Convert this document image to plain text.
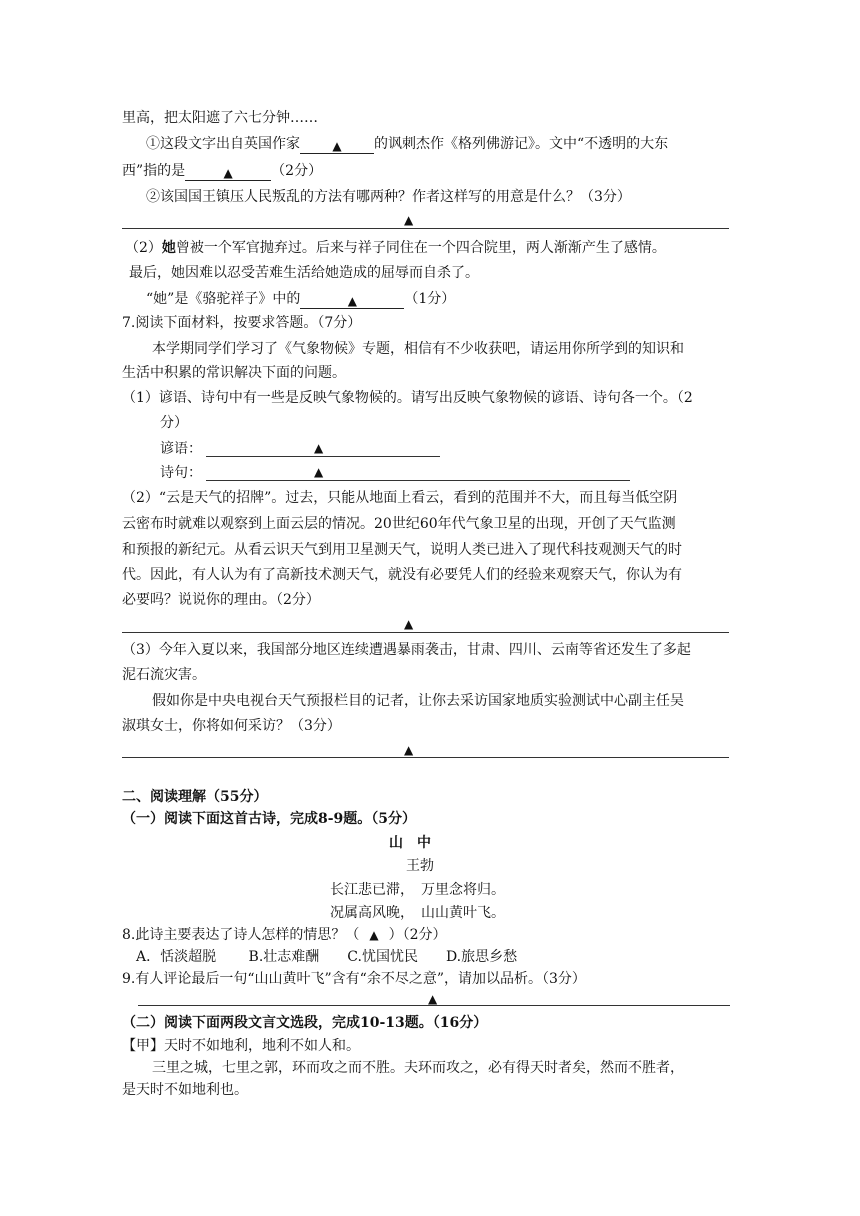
里高，把太阳遮了六七分钟……
①这段文字出自英国作家	▲ 的讽刺杰作《格列佛游记》。文中“不透明的大东
西”指的是	▲	（2分）
②该国国王镇压人民叛乱的方法有哪两种？作者这样写的用意是什么？（3分）
▲
（2）她曾被一个军官抛弃过。后来与祥子同住在一个四合院里，两人渐渐产生了感情。
最后，她因难以忍受苦难生活给她造成的屈辱而自杀了。
“她”是《骆驼祥子》中的	▲	（1分）
7.阅读下面材料，按要求答题。（7分）
本学期同学们学习了《气象物候》专题，相信有不少收获吧，请运用你所学到的知识和
生活中积累的常识解决下面的问题。
（1）谚语、诗句中有一些是反映气象物候的。请写出反映气象物候的谚语、诗句各一个。（2
分）
谚语：	▲
诗句：	▲
（2）“云是天气的招牌”。过去，只能从地面上看云，看到的范围并不大，而且每当低空阴
云密布时就难以观察到上面云层的情况。20世纪60年代气象卫星的出现，开创了天气监测
和预报的新纪元。从看云识天气到用卫星测天气，说明人类已进入了现代科技观测天气的时
代。因此，有人认为有了高新技术测天气，就没有必要凭人们的经验来观察天气，你认为有
必要吗？说说你的理由。（2分）
▲
（3）今年入夏以来，我国部分地区连续遭遇暴雨袭击，甘肃、四川、云南等省还发生了多起
泥石流灾害。
假如你是中央电视台天气预报栏目的记者，让你去采访国家地质实验测试中心副主任吴
淑琪女士，你将如何采访？（3分）
▲
二、阅读理解（55分）
（一）阅读下面这首古诗，完成8-9题。（5分）
山　中
王勃
长江悲已滞，　万里念将归。
况属高风晚，　山山黄叶飞。
8.此诗主要表达了诗人怎样的情思？（ ▲ ）（2分）
A．恬淡超脱　　 B.壮志难酬　　C.忧国忧民　　D.旅思乡愁
9.有人评论最后一句“山山黄叶飞”含有“余不尽之意”，请加以品析。（3分）
▲
（二）阅读下面两段文言文选段，完成10-13题。（16分）
【甲】天时不如地利，地利不如人和。
三里之城，七里之郭，环而攻之而不胜。夫环而攻之，必有得天时者矣，然而不胜者，
是天时不如地利也。
